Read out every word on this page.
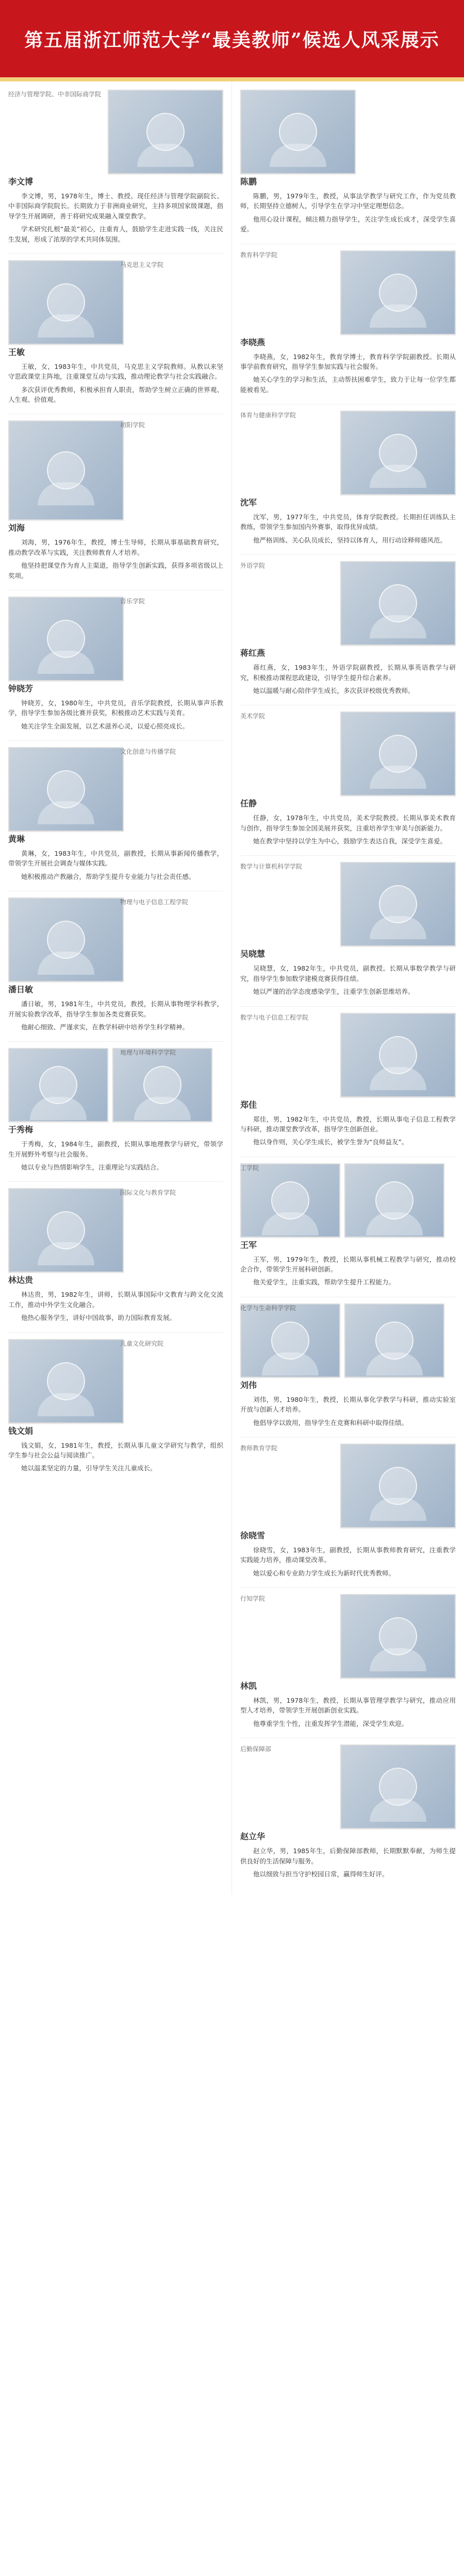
第五届浙江师范大学“最美教师”候选人风采展示
经济与管理学院、中非国际商学院
李文博

李文博，男，1978年生，博士、教授。现任经济与管理学院副院长、中非国际商学院院长。长期致力于非洲商业研究，主持多项国家级课题，指导学生开展调研，善于将研究成果融入课堂教学。

学术研究扎根“最美”初心，注重育人，鼓励学生走进实践一线，关注民生发展，形成了浓厚的学术共同体氛围。

马克思主义学院
王敏

王敏，女，1983年生，中共党员，马克思主义学院教师。从教以来坚守思政课堂主阵地，注重课堂互动与实践，推动理论教学与社会实践融合。

多次获评优秀教师，积极承担育人职责，帮助学生树立正确的世界观、人生观、价值观。

初阳学院
刘海

刘海，男，1976年生，教授，博士生导师，长期从事基础教育研究，推动教学改革与实践，关注教师教育人才培养。

他坚持把课堂作为育人主渠道，指导学生创新实践，获得多项省级以上奖项。

音乐学院
钟晓芳

钟晓芳，女，1980年生，中共党员，音乐学院教授，长期从事声乐教学，指导学生参加各级比赛并获奖，积极推动艺术实践与美育。

她关注学生全面发展，以艺术滋养心灵，以爱心照亮成长。

文化创意与传播学院
黄琳

黄琳，女，1983年生，中共党员，副教授，长期从事新闻传播教学，带领学生开展社会调查与媒体实践。

她积极推动产教融合，帮助学生提升专业能力与社会责任感。

物理与电子信息工程学院
潘日敏

潘日敏，男，1981年生，中共党员，教授，长期从事物理学科教学，开展实验教学改革，指导学生参加各类竞赛获奖。

他耐心细致、严谨求实，在教学科研中培养学生科学精神。

地理与环境科学学院
于秀梅

于秀梅，女，1984年生，副教授，长期从事地理教学与研究，带领学生开展野外考察与社会服务。

她以专业与热情影响学生，注重理论与实践结合。

国际文化与教育学院
林达贵

林达贵，男，1982年生，讲师，长期从事国际中文教育与跨文化交流工作，推动中外学生文化融合。

他热心服务学生，讲好中国故事，助力国际教育发展。

儿童文化研究院
钱文娟

钱文娟，女，1981年生，教授，长期从事儿童文学研究与教学，组织学生参与社会公益与阅读推广。

她以温柔坚定的力量，引导学生关注儿童成长。

陈鹏

陈鹏，男，1979年生，教授，从事法学教学与研究工作，作为党员教师，长期坚持立德树人，引导学生在学习中坚定理想信念。

他用心设计课程，倾注精力指导学生，关注学生成长成才，深受学生喜爱。

教育科学学院
李晓燕

李晓燕，女，1982年生，教育学博士，教育科学学院副教授。长期从事学前教育研究，指导学生参加实践与社会服务。

她关心学生的学习和生活，主动帮扶困难学生，致力于让每一位学生都能被看见。

体育与健康科学学院
沈军

沈军，男，1977年生，中共党员，体育学院教授。长期担任训练队主教练，带领学生参加国内外赛事，取得优异成绩。

他严格训练、关心队员成长，坚持以体育人，用行动诠释师德风范。

外语学院
蒋红燕

蒋红燕，女，1983年生，外语学院副教授，长期从事英语教学与研究，积极推动课程思政建设，引导学生提升综合素养。

她以温暖与耐心陪伴学生成长，多次获评校级优秀教师。

美术学院
任静

任静，女，1978年生，中共党员，美术学院教授。长期从事美术教育与创作，指导学生参加全国美展并获奖，注重培养学生审美与创新能力。

她在教学中坚持以学生为中心，鼓励学生表达自我，深受学生喜爱。

数学与计算机科学学院
吴晓慧

吴晓慧，女，1982年生，中共党员，副教授。长期从事数学教学与研究，指导学生参加数学建模竞赛获得佳绩。

她以严谨的治学态度感染学生，注重学生创新思维培养。

数学与电子信息工程学院
郑佳

郑佳，男，1982年生，中共党员，教授，长期从事电子信息工程教学与科研，推动课堂教学改革，指导学生创新创业。

他以身作则，关心学生成长，被学生誉为“良师益友”。

工学院
王军

王军，男，1979年生，教授，长期从事机械工程教学与研究，推动校企合作，带领学生开展科研创新。

他关爱学生，注重实践，帮助学生提升工程能力。

化学与生命科学学院
刘伟

刘伟，男，1980年生，教授，长期从事化学教学与科研，推动实验室开放与创新人才培养。

他倡导学以致用，指导学生在竞赛和科研中取得佳绩。

教师教育学院
徐晓雪

徐晓雪，女，1983年生，副教授，长期从事教师教育研究，注重教学实践能力培养，推动课堂改革。

她以爱心和专业助力学生成长为新时代优秀教师。

行知学院
林凯

林凯，男，1978年生，教授，长期从事管理学教学与研究，推动应用型人才培养，带领学生开展创新创业实践。

他尊重学生个性，注重发挥学生潜能，深受学生欢迎。

后勤保障部
赵立华

赵立华，男，1985年生，后勤保障部教师，长期默默奉献，为师生提供良好的生活保障与服务。

他以细致与担当守护校园日常，赢得师生好评。
